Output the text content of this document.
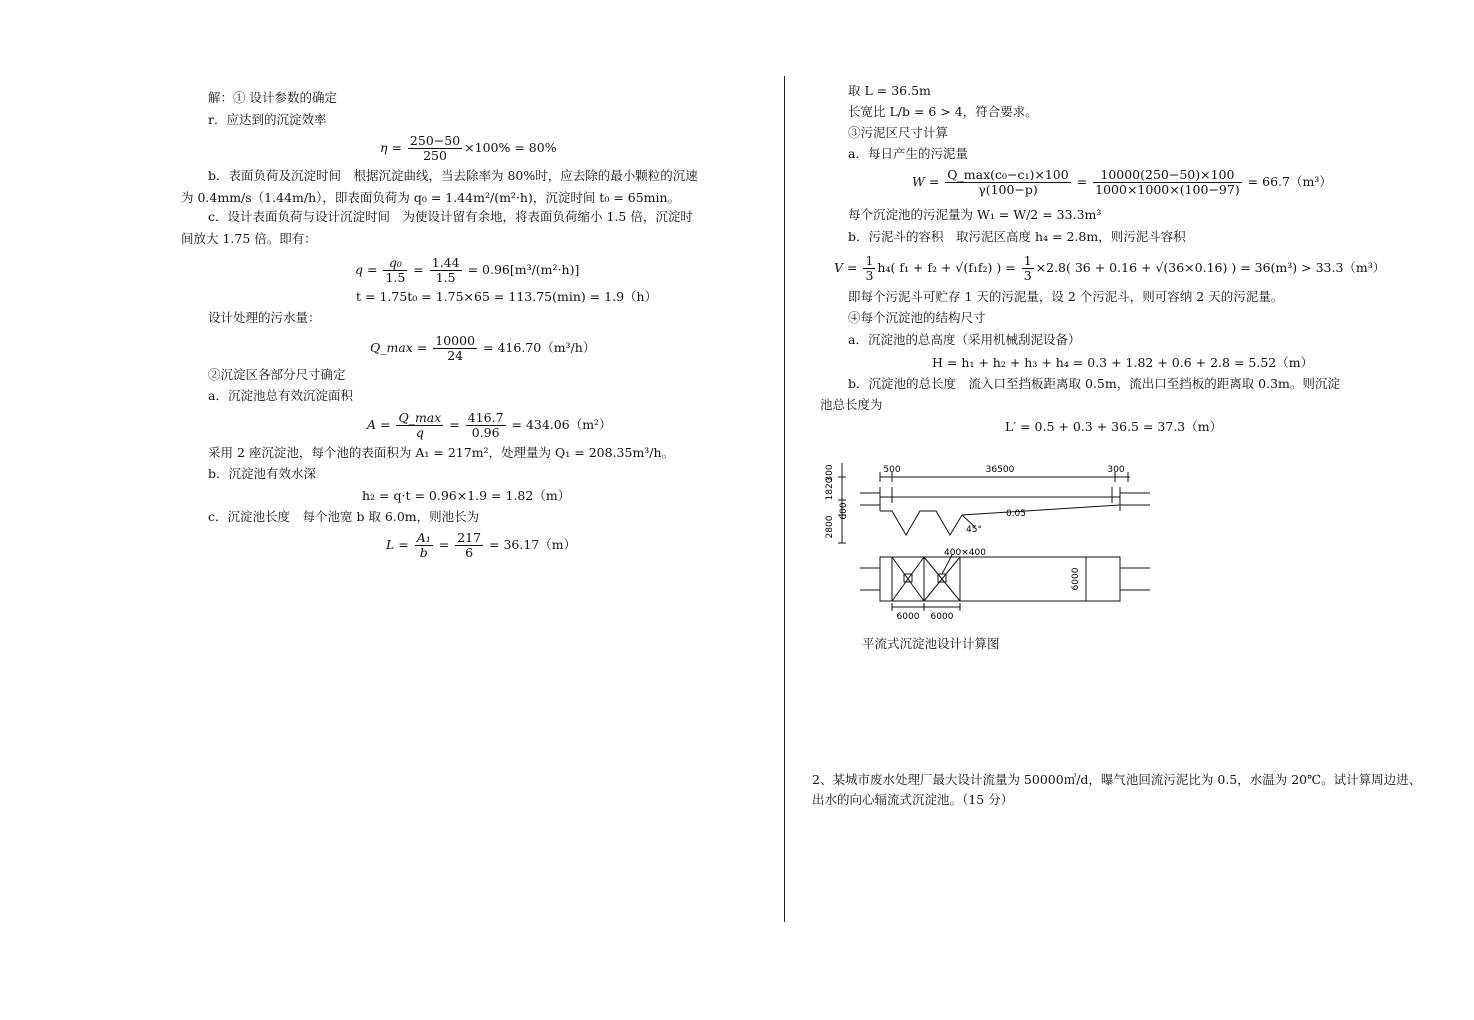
解：① 设计参数的确定
r．应达到的沉淀效率
$\eta = \frac{250-50}{250} \times 100\% = 80\%$
b．表面负荷及沉淀时间　根据沉淀曲线，当去除率为 80%时，应去除的最小颗粒的沉速
为 0.4mm/s（1.44m/h），即表面负荷为 q₀ = 1.44m²/(m²·h)，沉淀时间 t₀ = 65min。
c．设计表面负荷与设计沉淀时间　为使设计留有余地，将表面负荷缩小 1.5 倍，沉淀时
间放大 1.75 倍。即有：
$q = \frac{\text{q₀}}{1.5} = \frac{1.44}{1.5} = 0.96[m^3/(m^2\cdot h)]$
t = 1.75t₀ = 1.75×65 = 113.75(min) = 1.9（h）
设计处理的污水量：
Q_max = $\frac{10000}{24} = 416.70(m^3/h)$
②沉淀区各部分尺寸确定
a．沉淀池总有效沉淀面积
$A = \frac{Q\_\max}{q} = \frac{416.7}{0.96} = 434.06(m^2)$
采用 2 座沉淀池，每个池的表面积为 A₁ = 217m²，处理量为 Q₁ = 208.35m³/h。
b．沉淀池有效水深
h₂ = q·t = 0.96×1.9 = 1.82（m）
c．沉淀池长度　每个池宽 b 取 6.0m，则池长为
$L = \frac{\text{A₁}}{b} = \frac{217}{6} = 36.17(m)$
取 L = 36.5m
长宽比 L/b = 6 > 4，符合要求。
③污泥区尺寸计算
a．每日产生的污泥量
$W = \frac{\text{Q\_max(c₀−c₁)×100}}{\gamma(100-p)} = \frac{10000(250-50)\times 100}{1000\times 1000\times(100-97)} = 66.7(m^3)$
每个沉淀池的污泥量为 W₁ = W/2 = 33.3m³
b．污泥斗的容积　取污泥区高度 h₄ = 2.8m，则污泥斗容积
$V = \frac{1}{3} h_4$( f₁ + f₂ + √(f₁f₂) ) = $\frac{1}{3} \times 2.8$( 36 + 0.16 + √(36×0.16) ) = 36(m³) > 33.3（m³）
即每个污泥斗可贮存 1 天的污泥量，设 2 个污泥斗，则可容纳 2 天的污泥量。
④每个沉淀池的结构尺寸
a．沉淀池的总高度（采用机械刮泥设备）
H = h₁ + h₂ + h₃ + h₄ = 0.3 + 1.82 + 0.6 + 2.8 = 5.52（m）
b．沉淀池的总长度　流入口至挡板距离取 0.5m，流出口至挡板的距离取 0.3m。则沉淀
池总长度为
L′ = 0.5 + 0.3 + 36.5 = 37.3（m）
300
1820
600
2800
500	36500	300
0.05
45°
400×400
6000
6000 6000
平流式沉淀池设计计算图
2、某城市废水处理厂最大设计流量为 50000㎥/d，曝气池回流污泥比为 0.5，水温为 20℃。试计算周边进、
出水的向心辐流式沉淀池。（15 分）
